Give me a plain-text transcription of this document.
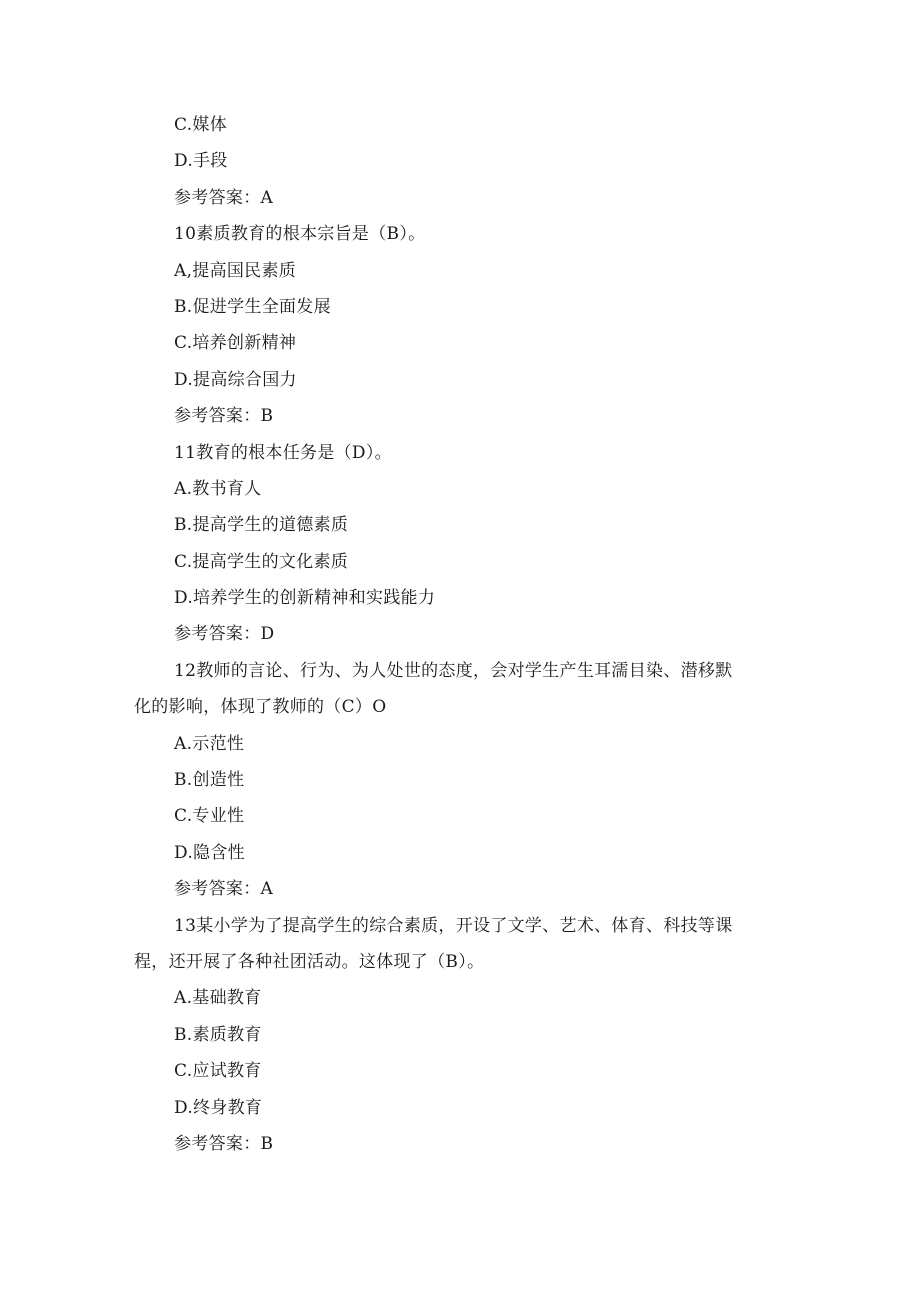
C.媒体
D.手段
参考答案：A
10素质教育的根本宗旨是（B）。
A,提高国民素质
B.促进学生全面发展
C.培养创新精神
D.提高综合国力
参考答案：B
11教育的根本任务是（D）。
A.教书育人
B.提高学生的道德素质
C.提高学生的文化素质
D.培养学生的创新精神和实践能力
参考答案：D
12教师的言论、行为、为人处世的态度，会对学生产生耳濡目染、潜移默
化的影响，体现了教师的（C）O
A.示范性
B.创造性
C.专业性
D.隐含性
参考答案：A
13某小学为了提高学生的综合素质，开设了文学、艺术、体育、科技等课
程，还开展了各种社团活动。这体现了（B）。
A.基础教育
B.素质教育
C.应试教育
D.终身教育
参考答案：B
